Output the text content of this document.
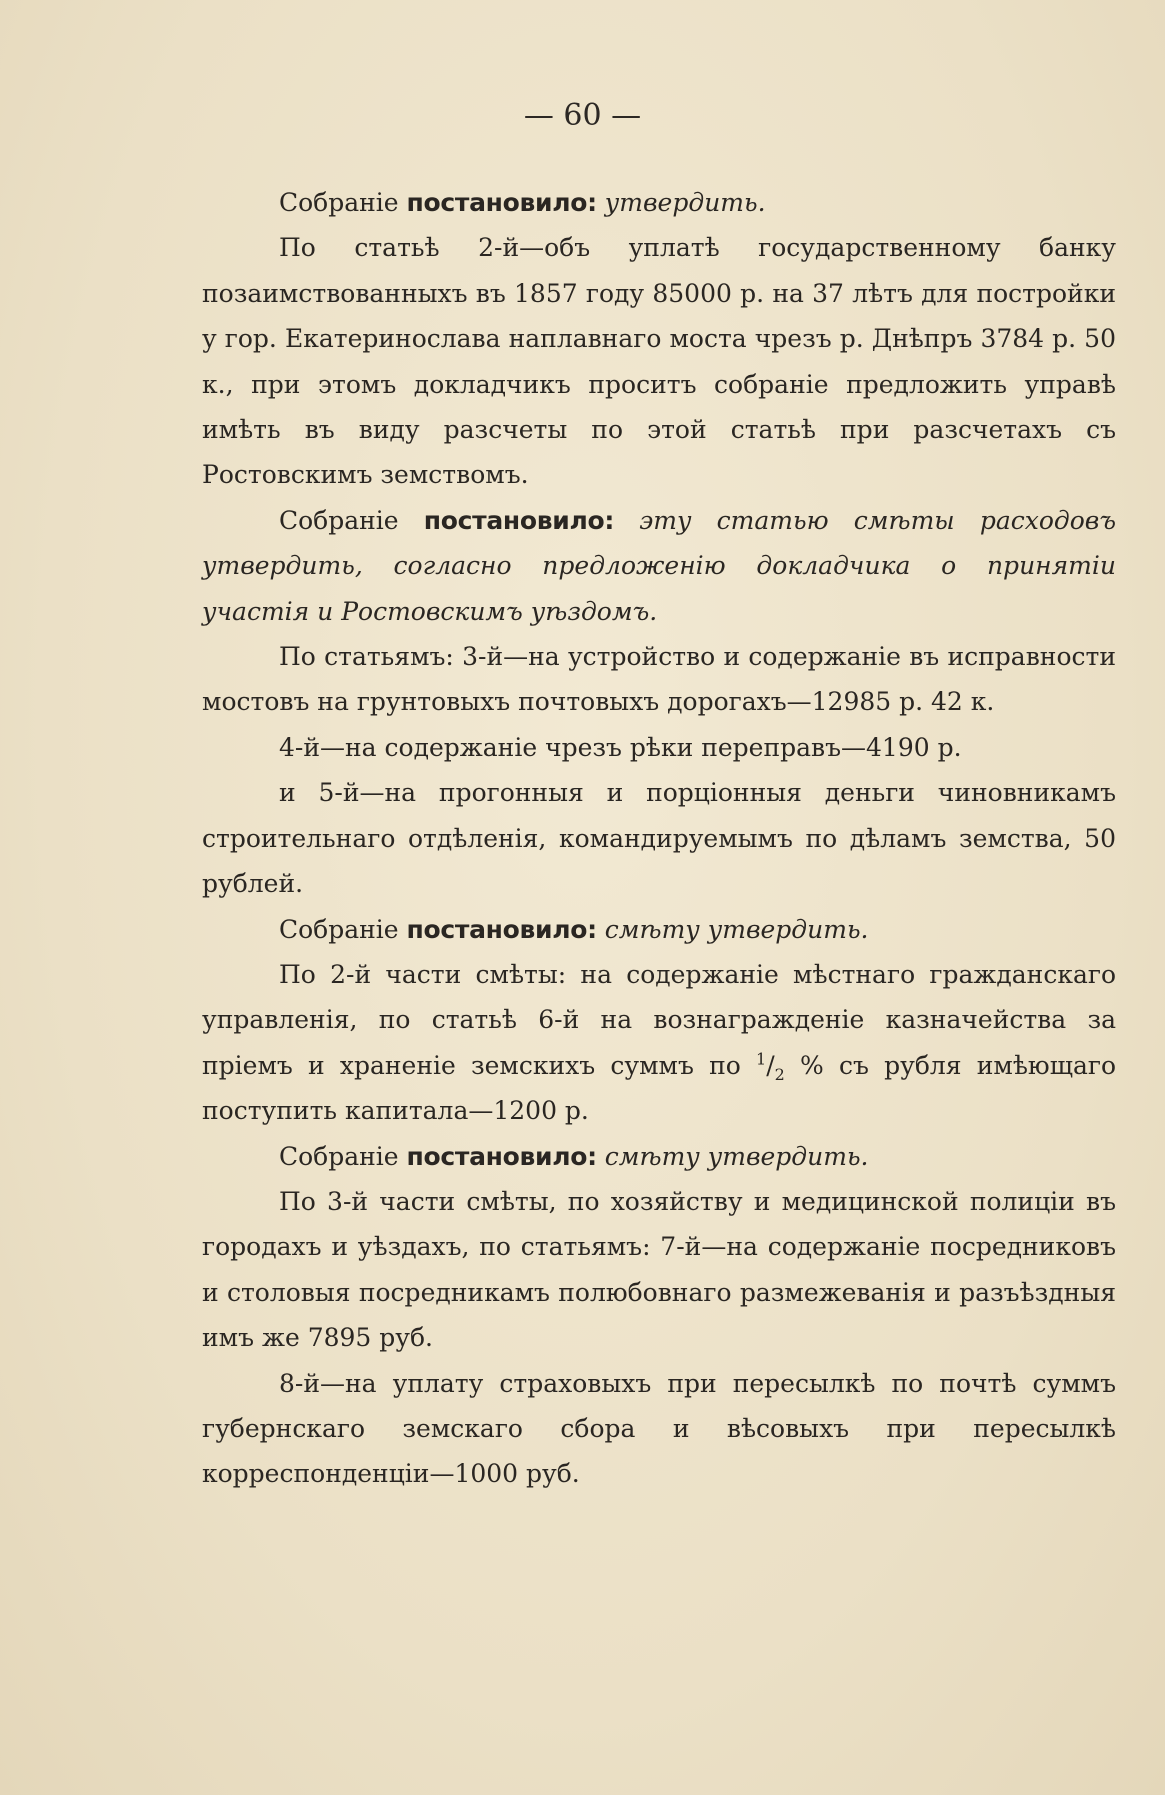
— 60 —

Собраніе постановило: утвердить.

По статьѣ 2-й—объ уплатѣ государственному банку позаимствованныхъ въ 1857 году 85000 р. на 37 лѣтъ для постройки у гор. Екатеринослава наплавнаго моста чрезъ р. Днѣпръ 3784 р. 50 к., при этомъ докладчикъ проситъ собраніе предложить управѣ имѣть въ виду разсчеты по этой статьѣ при разсчетахъ съ Ростовскимъ земствомъ.

Собраніе постановило: эту статью смѣты расходовъ утвердить, согласно предложенію докладчика о принятіи участія и Ростовскимъ уѣздомъ.

По статьямъ: 3-й—на устройство и содержаніе въ исправности мостовъ на грунтовыхъ почтовыхъ дорогахъ—12985 р. 42 к.

4-й—на содержаніе чрезъ рѣки переправъ—4190 р.

и 5-й—на прогонныя и порціонныя деньги чиновникамъ строительнаго отдѣленія, командируемымъ по дѣламъ земства, 50 рублей.

Собраніе постановило: смѣту утвердить.

По 2-й части смѣты: на содержаніе мѣстнаго гражданскаго управленія, по статьѣ 6-й на вознагражденіе казначейства за пріемъ и храненіе земскихъ суммъ по $^1/_2$ % съ рубля имѣющаго поступить капитала—1200 р.

Собраніе постановило: смѣту утвердить.

По 3-й части смѣты, по хозяйству и медицинской полиціи въ городахъ и уѣздахъ, по статьямъ: 7-й—на содержаніе посредниковъ и столовыя посредникамъ полюбовнаго размежеванія и разъѣздныя имъ же 7895 руб.

8-й—на уплату страховыхъ при пересылкѣ по почтѣ суммъ губернскаго земскаго сбора и вѣсовыхъ при пересылкѣ корреспонденціи—1000 руб.
